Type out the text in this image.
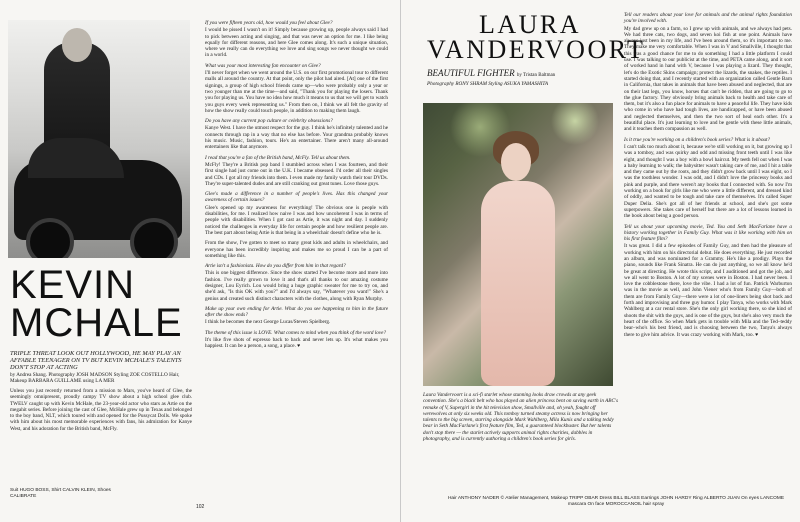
KEVIN
MCHALE
TRIPLE THREAT LOOK OUT HOLLYWOOD, HE MAY PLAY AN AFFABLE TEENAGER ON TV BUT KEVIN MCHALE'S TALENTS DON'T STOP AT ACTING
by Andrea Shang. Photography JOSH MADSON Styling ZOE COSTELLO Hair, Makeup BARBARA GUILLAME using LA MER
Unless you just recently returned from a mission to Mars, you've heard of Glee, the seemingly omnipresent, proudly campy TV show about a high school glee club. TWELV caught up with Kevin McHale, the 23-year-old actor who stars as Artie on the megahit series. Before joining the cast of Glee, McHale grew up in Texas and belonged to the boy band, NLT, which toured with and opened for the Pussycat Dolls. We spoke with him about his most memorable experiences with fans, his admiration for Kanye West, and his adoration for the British band, McFly.

If you were fifteen years old, how would you feel about Glee?

I would be pissed I wasn't on it! Simply because growing up, people always said I had to pick between acting and singing, and that was never an option for me. I like being equally for different reasons, and here Glee comes along. It's such a unique situation, where we really can do everything we love and sing songs we never thought we could in a world.

What was your most interesting fan encounter on Glee?

I'll never forget when we went around the U.S. on our first promotional tour to different malls all around the country. At that point, only the pilot had aired. [At] one of the first signings, a group of high school friends came up—who were probably only a year or two younger than me at the time—and said, "Thank you for playing the losers. Thank you for playing us. You have no idea how much it means to us that we will get to watch you guys every week representing us." From then on, I think we all felt the gravity of how the show really could touch people, in addition to making them laugh.

Do you have any current pop culture or celebrity obsessions?

Kanye West. I have the utmost respect for the guy. I think he's infinitely talented and he connects through rap in a way that no else has before. Your grandma probably knows his music. Music, fashion, tours. He's an entertainer. There aren't many all-around entertainers like that anymore.

I read that you're a fan of the British band, McFly. Tell us about them.

McFly! They're a British pop band I stumbled across when I was fourteen, and their first single had just come out in the U.K. I became obsessed. I'd order all their singles and CDs. I got all my friends into them. I even made my family watch their tour DVDs. They're super-talented dudes and are still cranking out great tunes. Love those guys.

Glee's made a difference in a number of people's lives. Has this changed your awareness of certain issues?

Glee's opened up my awareness for everything! The obvious one is people with disabilities, for me. I realized how naive I was and how uncoherent I was in terms of people with disabilities. When I got cast as Artie, it was night and day. I suddenly noticed the challenges in everyday life for certain people and how resilient people are. The best part about being Artie is that being in a wheelchair doesn't define who he is.

From the show, I've gotten to meet so many great kids and adults in wheelchairs, and everyone has been incredibly inspiring and makes me so proud I can be a part of something like this.

Artie isn't a fashionista. How do you differ from him in that regard?

This is one biggest difference. Since the show started I've become more and more into fashion. I've really grown to love it and that's all thanks to our amazing costume designer, Lou Eyrich. Lou would bring a huge graphic sweater for me to try on, and she'd ask, "Is this OK with you?" and I'd always say, "Whatever you want!" She's a genius and created such distinct characters with the clothes, along with Ryan Murphy.

Make up your own ending for Artie. What do you see happening to him in the future after the show ends?

I think he becomes the next George Lucas/Steven Spielberg.

The theme of this issue is LOVE. What comes to mind when you think of the word love?

It's like five shots of espresso back to back and never lets up. It's what makes you happiest. It can be a person, a song, a place. ♥

Suit HUGO BOSS, Shirt CALVIN KLEIN, Shoes CALIBRATE
102
LAURA
VANDERVOORT
BEAUTIFUL FIGHTER by Tristan Baltman
Photography RONY SHRAM Styling ASUKA YAMASHITA
Laura Vandervoort is a sci-fi starlet whose stunning looks draw crowds at any geek convention. She's a black belt who has played an alien princess bent on saving earth in ABC's remake of V, Supergirl in the hit television show, Smallville and, oh yeah, fought off werewolves at only six weeks old. This tomboy turned steamy actress is now bringing her talents to the big screen, starring alongside Mark Wahlberg, Mila Kunis and a talking teddy bear in Seth MacFarlane's first feature film, Ted, a guaranteed blockbuster. But her talents don't stop there — the starlet actively supports animal rights charities, dabbles in photography, and is currently authoring a children's book series for girls.

Tell our readers about your love for animals and the animal rights foundation you're involved with.

My dad grew up on a farm, so I grew up with animals, and we always had pets. We had three cats, two dogs, and seven koi fish at one point. Animals have always just been in my life, and I've been around them, so it's important to me. They make me very comfortable. When I was in V and Smallville, I thought that this was a good chance for me to do something I had a little platform I could use. I was talking to our publicist at the time, and PETA came along, and it sort of worked hand in hand with V, because I was playing a lizard. They thought, let's do the Exotic Skins campaign; protect the lizards, the snakes, the reptiles. I started doing that, and I recently started with an organization called Gentle Barn in California, that takes in animals that have been abused and neglected, that are on their last legs, you know, horses that can't be ridden, that are going to go to the glue factory. They obviously bring animals back to health and take care of them, but it's also a fun place for animals to have a peaceful life. They have kids who come in who have had tough lives, are handicapped, or have been abused and neglected themselves, and then the two sort of heal each other. It's a beautiful place. It's just learning to love and be gentle with these little animals, and it teaches them compassion as well.

Is it true you're working on a children's book series? What is it about?

I can't talk too much about it, because we're still working on it, but growing up I was a tomboy, and was quirky and odd and missing front teeth until I was like eight, and thought I was a boy with a bowl haircut. My teeth fell out when I was a baby learning to walk; the babysitter wasn't taking care of me, and I hit a table and they came out by the roots, and they didn't grow back until I was eight, so I was the toothless wonder. I was odd, and I didn't love the princessy books and pink and purple, and there weren't any books that I connected with. So now I'm working on a book for girls like me who were a little different, and dressed kind of oddly, and wanted to be tough and take care of themselves. It's called Super Duper Delia. She's got all of her friends at school, and she's got some superpowers. She takes care of herself but there are a lot of lessons learned in the book about being a good person.

Tell us about your upcoming movie, Ted. You and Seth MacFarlane have a history working together in Family Guy. What was it like working with him on his first feature film?

It was great. I did a few episodes of Family Guy, and then had the pleasure of working with him on his directorial debut. He does everything. He just recorded an album, and was nominated for a Grammy. He's like a prodigy. Plays the piano, sounds like Frank Sinatra. He can do just anything, so we all know he'd be great at directing. He wrote this script, and I auditioned and got the job, and we all went to Boston. A lot of my scenes were in Boston. I had never been. I love the cobblestone there, love the vibe. I had a lot of fun. Patrick Warburton was in the movie as well, and John Viener who's from Family Guy—both of them are from Family Guy—there were a lot of one-liners being shot back and forth and improvising and three guy humor. I play Tanya, who works with Mark Wahlberg at a car rental store. She's the only girl working there, so she kind of shoots the shit with the guys, and is one of the guys, but she's also very much the heart of the office. So when Mark gets in trouble with Mila and the Ted–teddy bear–who's his best friend, and is choosing between the two, Tanya's always there to give him advice. It was crazy working with Mark, too. ♥

Hair ANTHONY NADER © Atelier Management, Makeup TRIPP OBAR Dress BILL BLASS Earrings JOHN HARDY Ring ALBERTO JUAN On eyes LANCOME mascara On face MOROCCANOIL hair spray
